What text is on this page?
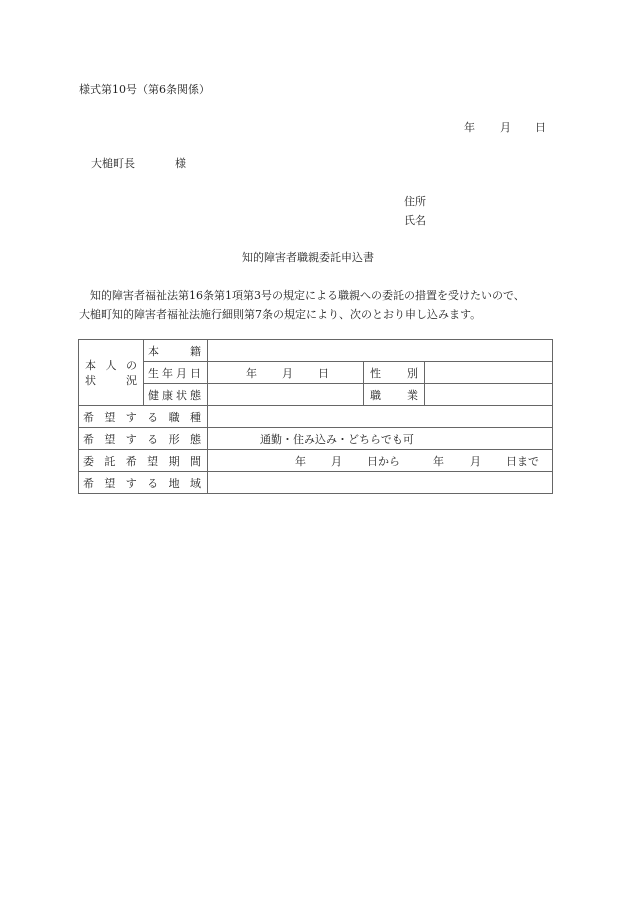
様式第10号（第6条関係）
年 月 日
大槌町長	様
住所
氏名
知的障害者職親委託申込書

知的障害者福祉法第16条第1項第3号の規定による職親への委託の措置を受けたいので、

大槌町知的障害者福祉法施行細則第7条の規定により、次のとおり申し込みます。

本 人 の
状	況

本	籍

	生 年 月 日	年 月 日	性 別	

	健 康 状 態		職 業	

希 望 す る 職 種

希 望 す る 形 態	通勤・住み込み・どちらでも可

委 託 希 望 期 間	年 月 日から	年 月 日まで

希 望 す る 地 域
